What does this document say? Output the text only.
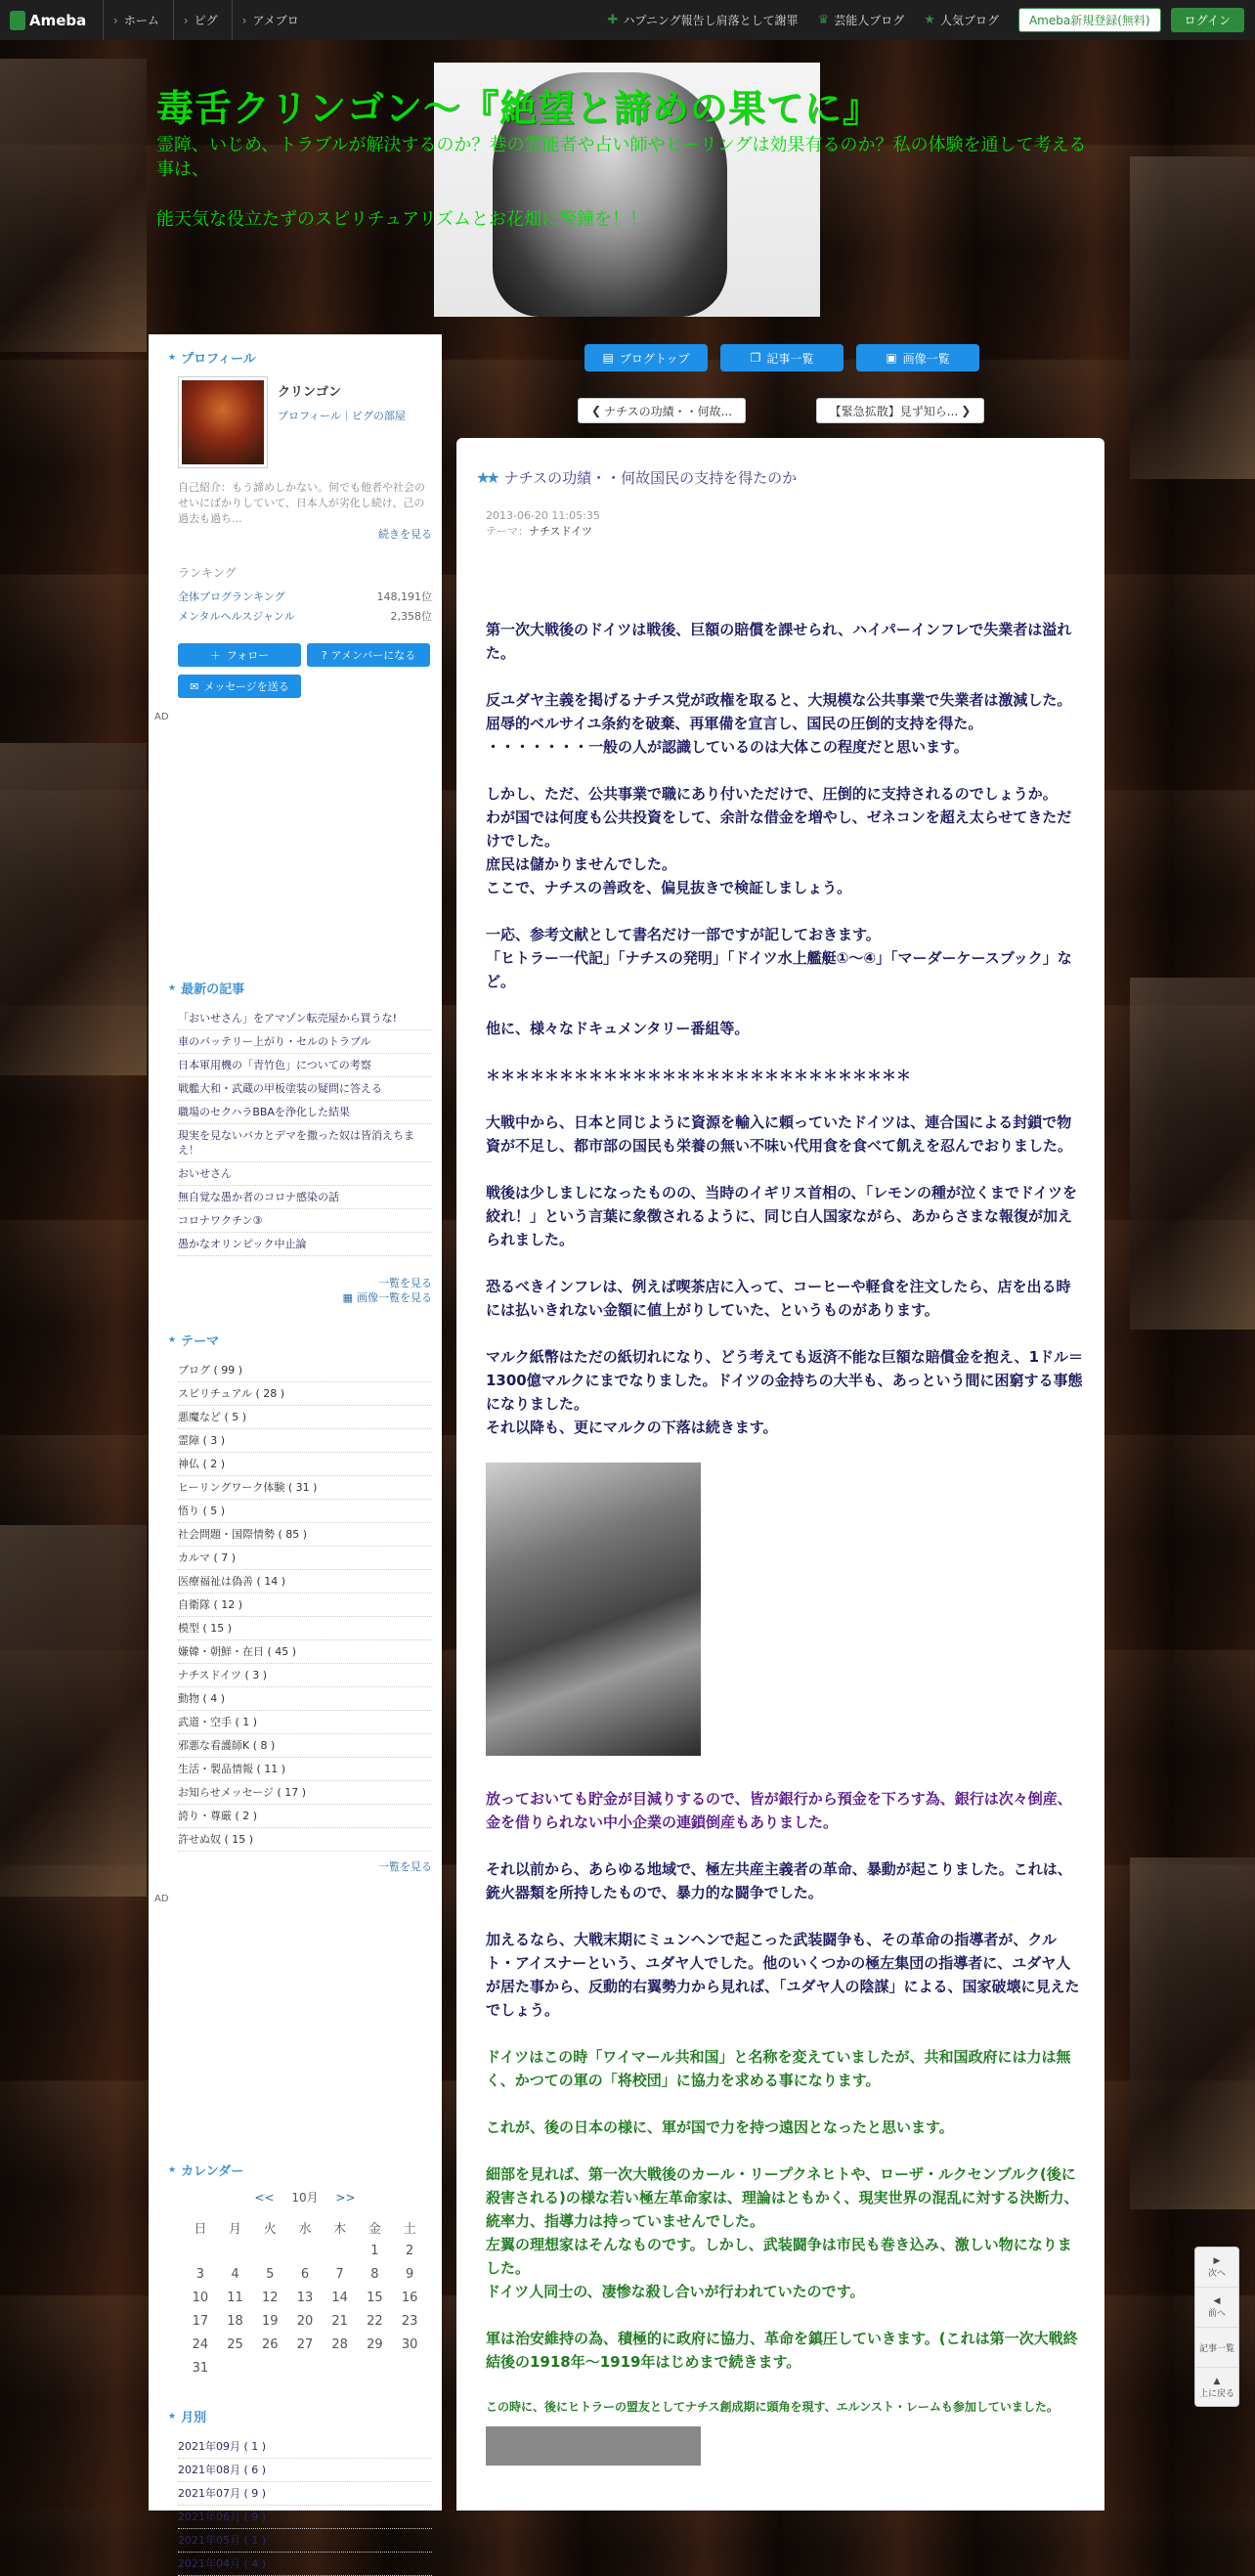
Ameba	› ホーム	› ピグ	› アメブロ	✚ ハプニング報告し肩落として謝罪 ♛ 芸能人ブログ ★ 人気ブログ	Ameba新規登録(無料)	ログイン
毒舌クリンゴン～『絶望と諦めの果てに』
霊障、いじめ、トラブルが解決するのか？巷の霊能者や占い師やヒーリングは効果有るのか？私の体験を通して考える事は、
能天気な役立たずのスピリチュアリズムとお花畑に警鐘を！！
▤ ブログトップ	❐ 記事一覧	▣ 画像一覧
❮ ナチスの功績・・何故...	【緊急拡散】見ず知ら... ❯
★ プロフィール
クリンゴン
プロフィール｜ピグの部屋
自己紹介：もう諦めしかない。何でも他者や社会のせいにばかりしていて、日本人が劣化し続け、己の過去も過ち...
続きを見る
ランキング
全体ブログランキング	148,191位
メンタルヘルスジャンル	2,358位
＋ フォロー	? アメンバーになる
✉ メッセージを送る
AD
★ 最新の記事
「おいせさん」をアマゾン転売屋から買うな!
車のバッテリー上がり・セルのトラブル
日本軍用機の「青竹色」についての考察
戦艦大和・武蔵の甲板塗装の疑問に答える
職場のセクハラBBAを浄化した結果
現実を見ないバカとデマを撒った奴は皆消えちまえ！
おいせさん
無自覚な愚か者のコロナ感染の話
コロナワクチン③
愚かなオリンピック中止論
一覧を見る
▦ 画像一覧を見る
★ テーマ
ブログ ( 99 )
スピリチュアル ( 28 )
悪魔など ( 5 )
霊障 ( 3 )
神仏 ( 2 )
ヒーリングワーク体験 ( 31 )
悟り ( 5 )
社会問題・国際情勢 ( 85 )
カルマ ( 7 )
医療福祉は偽善 ( 14 )
自衛隊 ( 12 )
模型 ( 15 )
嫌韓・朝鮮・在日 ( 45 )
ナチスドイツ ( 3 )
動物 ( 4 )
武道・空手 ( 1 )
邪悪な看護師K ( 8 )
生活・製品情報 ( 11 )
お知らせメッセージ ( 17 )
誇り・尊厳 ( 2 )
許せぬ奴 ( 15 )
一覧を見る
AD
★ カレンダー
<< 10月 >>
日	月	火	水	木	金	土
					1	2
3	4	5	6	7	8	9
10	11	12	13	14	15	16
17	18	19	20	21	22	23
24	25	26	27	28	29	30
31						
★ 月別
2021年09月 ( 1 )
2021年08月 ( 6 )
2021年07月 ( 9 )
2021年06月 ( 9 )
2021年05月 ( 1 )
2021年04月 ( 4 )
★★ ナチスの功績・・何故国民の支持を得たのか
2013-06-20 11:05:35
テーマ：ナチスドイツ

第一次大戦後のドイツは戦後、巨額の賠償を課せられ、ハイパーインフレで失業者は溢れた。

反ユダヤ主義を掲げるナチス党が政権を取ると、大規模な公共事業で失業者は激減した。
屈辱的ベルサイユ条約を破棄、再軍備を宣言し、国民の圧倒的支持を得た。
・・・・・・・一般の人が認識しているのは大体この程度だと思います。

しかし、ただ、公共事業で職にあり付いただけで、圧倒的に支持されるのでしょうか。
わが国では何度も公共投資をして、余計な借金を増やし、ゼネコンを超え太らせてきただけでした。
庶民は儲かりませんでした。
ここで、ナチスの善政を、偏見抜きで検証しましょう。

一応、参考文献として書名だけ一部ですが記しておきます。
「ヒトラー一代記」「ナチスの発明」「ドイツ水上艦艇①～④」「マーダーケースブック」など。

他に、様々なドキュメンタリー番組等。

＊＊＊＊＊＊＊＊＊＊＊＊＊＊＊＊＊＊＊＊＊＊＊＊＊＊＊＊＊

大戦中から、日本と同じように資源を輸入に頼っていたドイツは、連合国による封鎖で物資が不足し、都市部の国民も栄養の無い不味い代用食を食べて飢えを忍んでおりました。

戦後は少しましになったものの、当時のイギリス首相の、「レモンの種が泣くまでドイツを絞れ！」という言葉に象徴されるように、同じ白人国家ながら、あからさまな報復が加えられました。

恐るべきインフレは、例えば喫茶店に入って、コーヒーや軽食を注文したら、店を出る時には払いきれない金額に値上がりしていた、というものがあります。

マルク紙幣はただの紙切れになり、どう考えても返済不能な巨額な賠償金を抱え、1ドル＝1300億マルクにまでなりました。ドイツの金持ちの大半も、あっという間に困窮する事態になりました。
それ以降も、更にマルクの下落は続きます。

放っておいても貯金が目減りするので、皆が銀行から預金を下ろす為、銀行は次々倒産、金を借りられない中小企業の連鎖倒産もありました。

それ以前から、あらゆる地域で、極左共産主義者の革命、暴動が起こりました。これは、銃火器類を所持したもので、暴力的な闘争でした。

加えるなら、大戦末期にミュンヘンで起こった武装闘争も、その革命の指導者が、クルト・アイスナーという、ユダヤ人でした。他のいくつかの極左集団の指導者に、ユダヤ人が居た事から、反動的右翼勢力から見れば、「ユダヤ人の陰謀」による、国家破壊に見えたでしょう。

ドイツはこの時「ワイマール共和国」と名称を変えていましたが、共和国政府には力は無く、かつての軍の「将校団」に協力を求める事になります。

これが、後の日本の様に、軍が国で力を持つ遠因となったと思います。

細部を見れば、第一次大戦後のカール・リープクネヒトや、ローザ・ルクセンブルク(後に殺害される)の様な若い極左革命家は、理論はともかく、現実世界の混乱に対する決断力、統率力、指導力は持っていませんでした。
左翼の理想家はそんなものです。しかし、武装闘争は市民も巻き込み、激しい物になりました。
ドイツ人同士の、凄惨な殺し合いが行われていたのです。

軍は治安維持の為、積極的に政府に協力、革命を鎮圧していきます。(これは第一次大戦終結後の1918年～1919年はじめまで続きます。

この時に、後にヒトラーの盟友としてナチス創成期に頭角を現す、エルンスト・レームも参加していました。

▶
次へ
◀
前へ
記事一覧
▲
上に戻る
